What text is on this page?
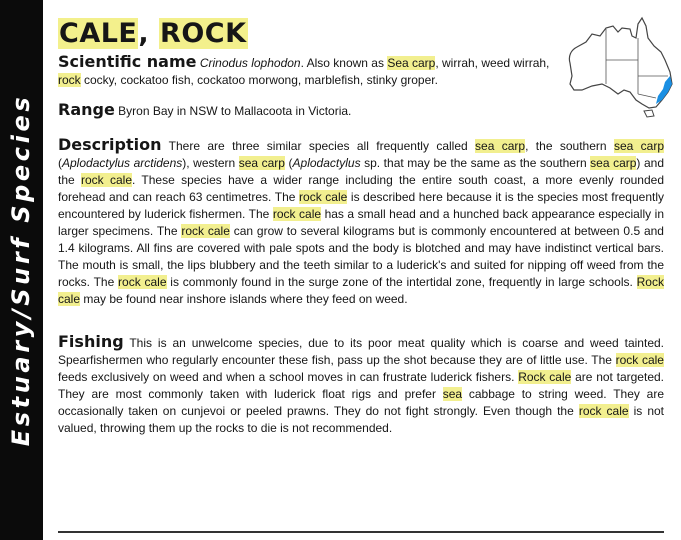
Estuary/Surf Species
CALE, ROCK

Scientific name Crinodus lophodon. Also known as Sea carp, wirrah, weed wirrah, rock cocky, cockatoo fish, cockatoo morwong, marblefish, stinky groper.

Range Byron Bay in NSW to Mallacoota in Victoria.

Description There are three similar species all frequently called sea carp, the southern sea carp (Aplodactylus arctidens), western sea carp (Aplodactylus sp. that may be the same as the southern sea carp) and the rock cale. These species have a wider range including the entire south coast, a more evenly rounded forehead and can reach 63 centimetres. The rock cale is described here because it is the species most frequently encountered by luderick fishermen. The rock cale has a small head and a hunched back appearance especially in larger specimens. The rock cale can grow to several kilograms but is commonly encountered at between 0.5 and 1.4 kilograms. All fins are covered with pale spots and the body is blotched and may have indistinct vertical bars. The mouth is small, the lips blubbery and the teeth similar to a luderick's and suited for nipping off weed from the rocks. The rock cale is commonly found in the surge zone of the intertidal zone, frequently in large schools. Rock cale may be found near inshore islands where they feed on weed.

Fishing This is an unwelcome species, due to its poor meat quality which is coarse and weed tainted. Spearfishermen who regularly encounter these fish, pass up the shot because they are of little use. The rock cale feeds exclusively on weed and when a school moves in can frustrate luderick fishers. Rock cale are not targeted. They are most commonly taken with luderick float rigs and prefer sea cabbage to string weed. They are occasionally taken on cunjevoi or peeled prawns. They do not fight strongly. Even though the rock cale is not valued, throwing them up the rocks to die is not recommended.
